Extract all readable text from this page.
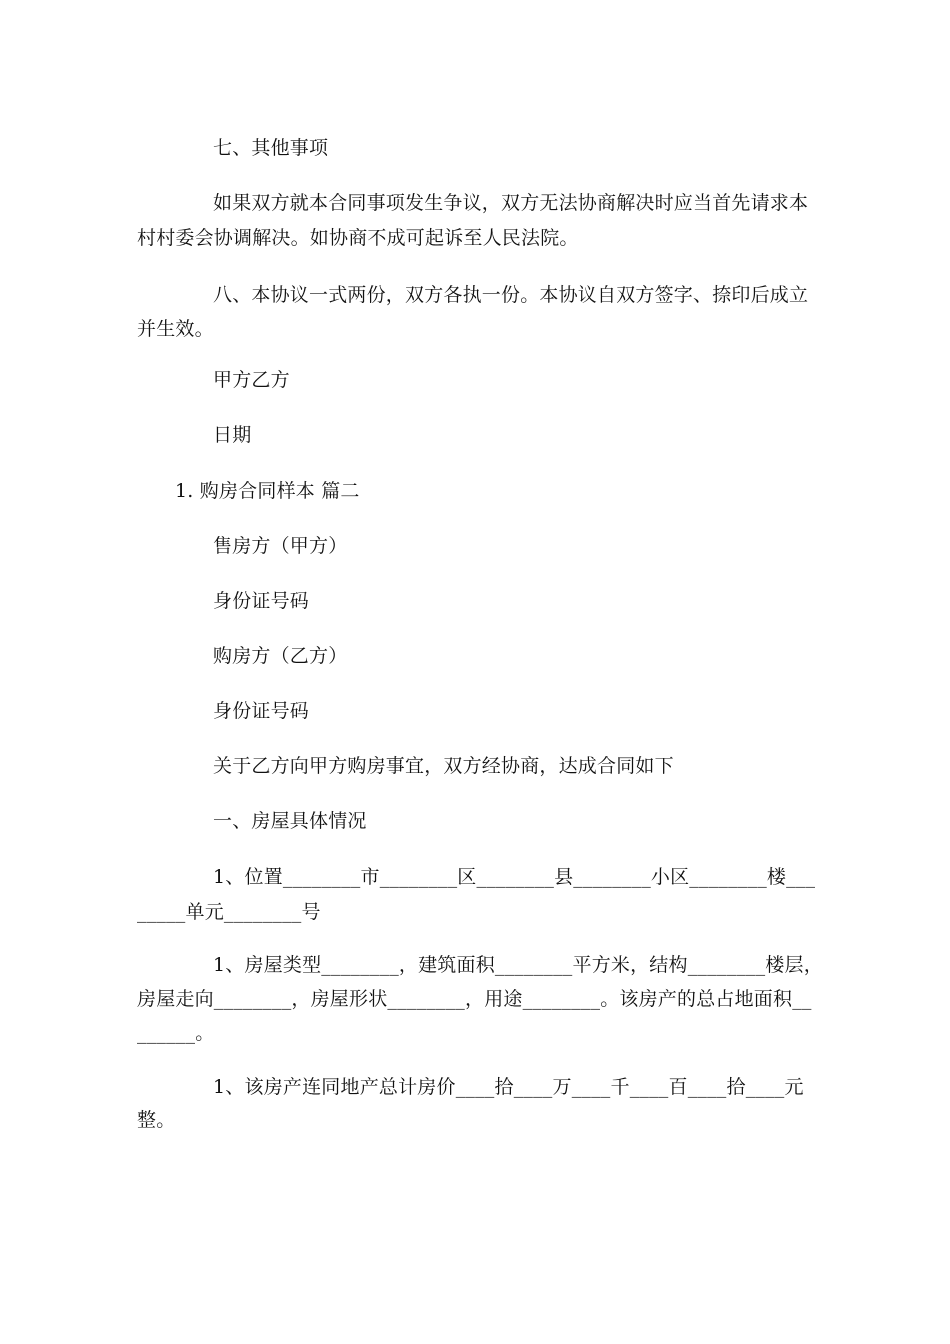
七、其他事项
如果双方就本合同事项发生争议，双方无法协商解决时应当首先请求本
村村委会协调解决。如协商不成可起诉至人民法院。
八、本协议一式两份，双方各执一份。本协议自双方签字、捺印后成立
并生效。
甲方乙方
日期
1. 购房合同样本 篇二
售房方（甲方）
身份证号码
购房方（乙方）
身份证号码
关于乙方向甲方购房事宜，双方经协商，达成合同如下
一、房屋具体情况
1、位置________市________区________县________小区________楼___
_____单元________号
1、房屋类型________，建筑面积________平方米，结构________楼层，
房屋走向________，房屋形状________，用途________。该房产的总占地面积__
______。
1、该房产连同地产总计房价____拾____万____千____百____拾____元
整。
